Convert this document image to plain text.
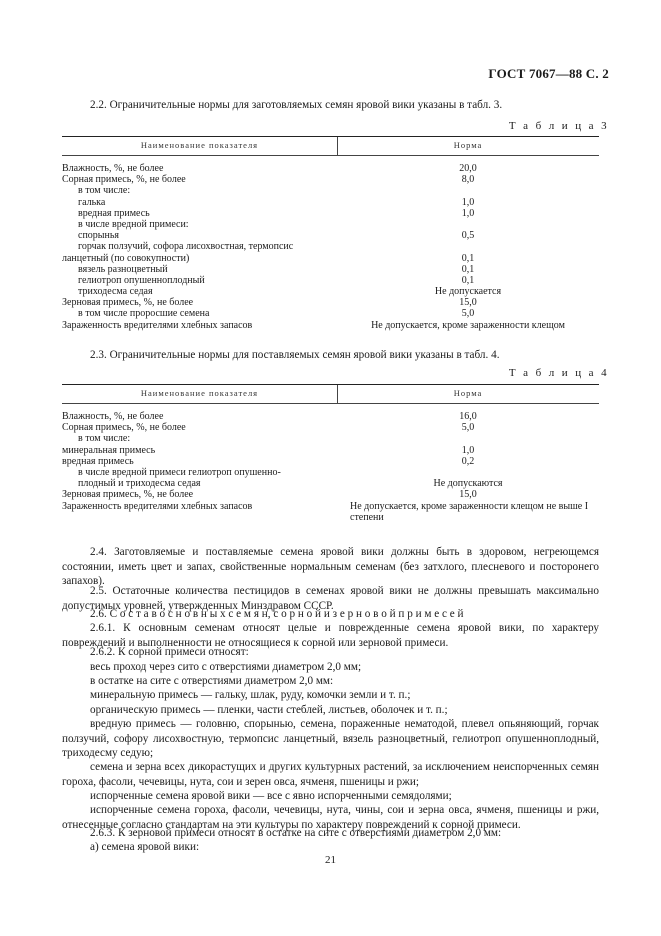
ГОСТ 7067—88 С. 2
2.2. Ограничительные нормы для заготовляемых семян яровой вики указаны в табл. 3.
Т а б л и ц а 3
Наименование показателя	Норма
Влажность, %, не более	20,0
Сорная примесь, %, не более	8,0
в том числе:
галька	1,0
вредная примесь	1,0
в числе вредной примеси:
спорынья	0,5
горчак ползучий, софора лисохвостная, термопсис
ланцетный (по совокупности)	0,1
вязель разноцветный	0,1
гелиотроп опушенноплодный	0,1
триходесма седая	Не допускается
Зерновая примесь, %, не более	15,0
в том числе проросшие семена	5,0
Зараженность вредителями хлебных запасов	Не допускается, кроме зараженности клещом
2.3. Ограничительные нормы для поставляемых семян яровой вики указаны в табл. 4.
Т а б л и ц а 4
Наименование показателя	Норма
Влажность, %, не более	16,0
Сорная примесь, %, не более	5,0
в том числе:
минеральная примесь	1,0
вредная примесь	0,2
в числе вредной примеси гелиотроп опушенно-
плодный и триходесма седая	Не допускаются
Зерновая примесь, %, не более	15,0
Зараженность вредителями хлебных запасов	Не допускается, кроме зараженности клещом не выше I степени
2.4. Заготовляемые и поставляемые семена яровой вики должны быть в здоровом, негреющемся состоянии, иметь цвет и запах, свойственные нормальным семенам (без затхлого, плесневого и посторонего запахов).
2.5. Остаточные количества пестицидов в семенах яровой вики не должны превышать максимально допустимых уровней, утвержденных Минздравом СССР.
2.6. С о с т а в о с н о в н ы х с е м я н, с о р н о й и з е р н о в о й п р и м е с е й
2.6.1. К основным семенам относят целые и поврежденные семена яровой вики, по характеру повреждений и выполненности не относящиеся к сорной или зерновой примеси.
2.6.2. К сорной примеси относят:
весь проход через сито с отверстиями диаметром 2,0 мм;
в остатке на сите с отверстиями диаметром 2,0 мм:
минеральную примесь — гальку, шлак, руду, комочки земли и т. п.;
органическую примесь — пленки, части стеблей, листьев, оболочек и т. п.;
вредную примесь — головню, спорынью, семена, пораженные нематодой, плевел опьяняющий, горчак ползучий, софору лисохвостную, термопсис ланцетный, вязель разноцветный, гелиотроп опушенноплодный, триходесму седую;
семена и зерна всех дикорастущих и других культурных растений, за исключением неиспорченных семян гороха, фасоли, чечевицы, нута, сои и зерен овса, ячменя, пшеницы и ржи;
испорченные семена яровой вики — все с явно испорченными семядолями;
испорченные семена гороха, фасоли, чечевицы, нута, чины, сои и зерна овса, ячменя, пшеницы и ржи, отнесенные согласно стандартам на эти культуры по характеру повреждений к сорной примеси.
2.6.3. К зерновой примеси относят в остатке на сите с отверстиями диаметром 2,0 мм:
а) семена яровой вики:
21
